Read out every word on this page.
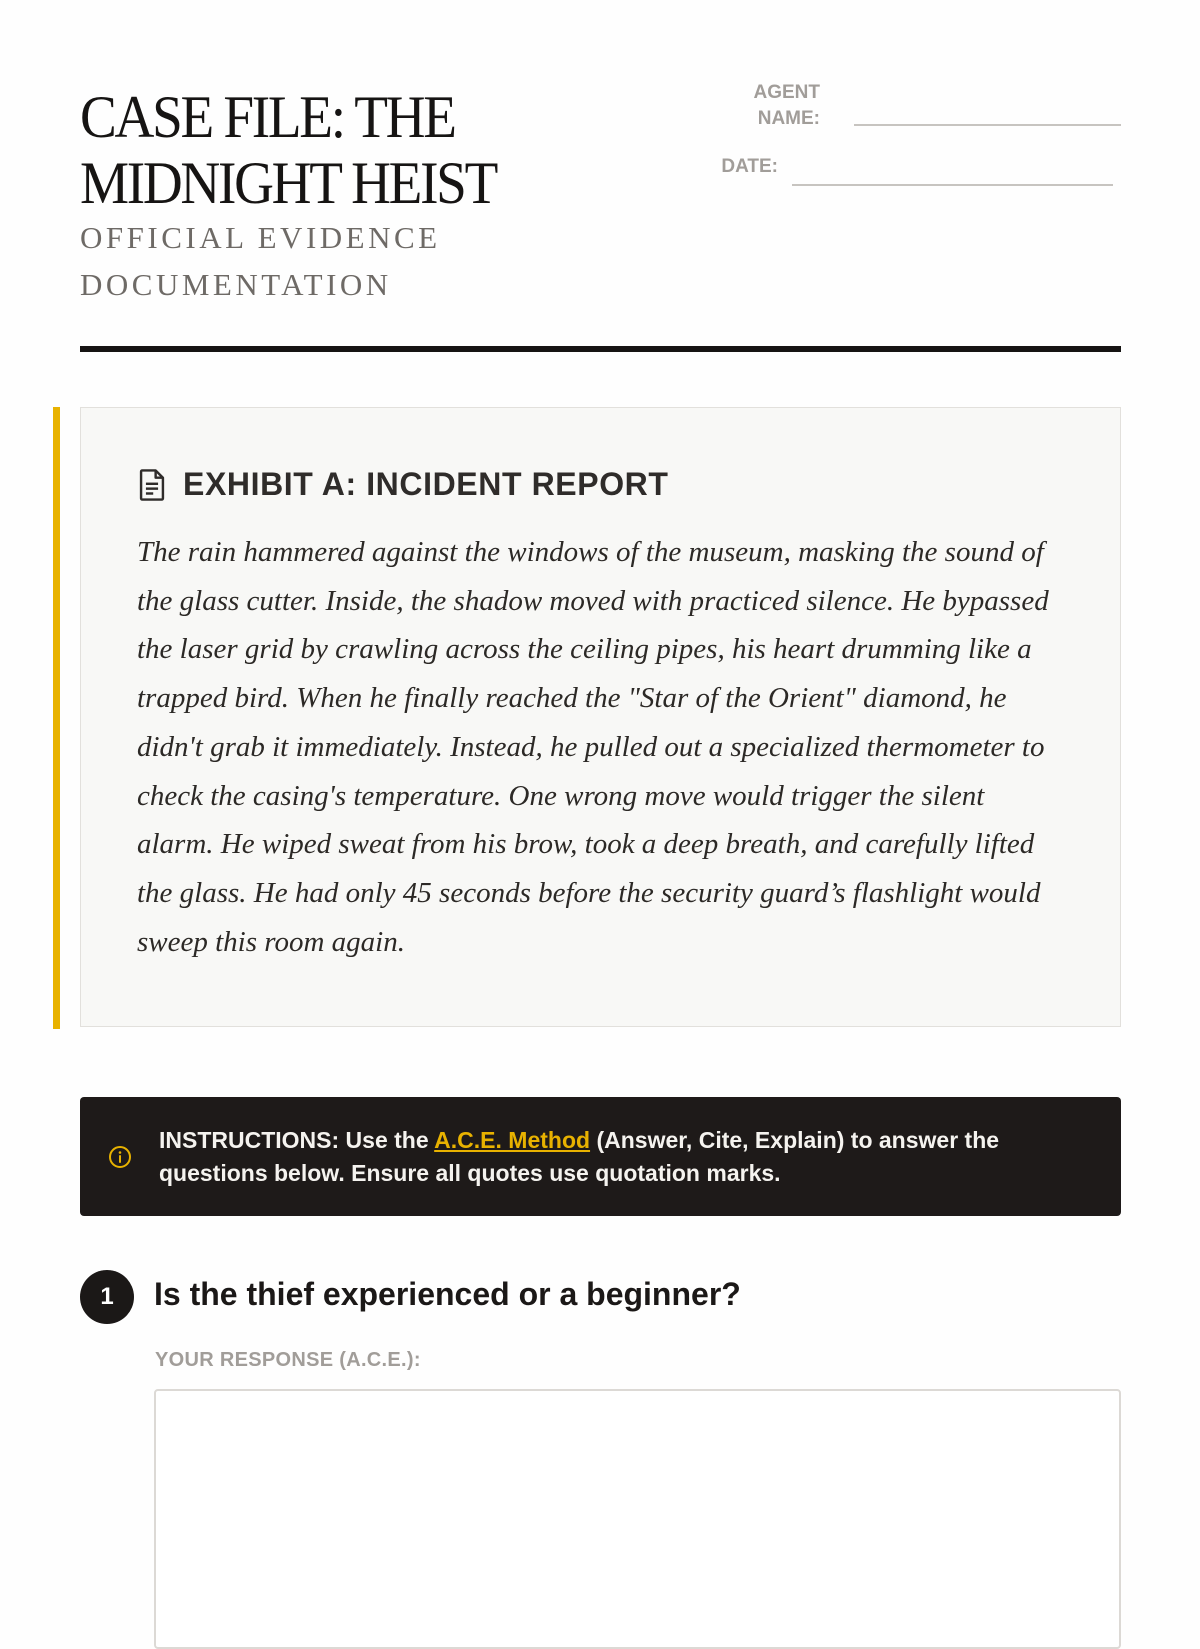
CASE FILE: THE
MIDNIGHT HEIST
OFFICIAL EVIDENCE
DOCUMENTATION
AGENT
NAME:
DATE:
EXHIBIT A: INCIDENT REPORT

The rain hammered against the windows of the museum, masking the sound of the glass cutter. Inside, the shadow moved with practiced silence. He bypassed the laser grid by crawling across the ceiling pipes, his heart drumming like a trapped bird. When he finally reached the "Star of the Orient" diamond, he didn't grab it immediately. Instead, he pulled out a specialized thermometer to check the casing's temperature. One wrong move would trigger the silent alarm. He wiped sweat from his brow, took a deep breath, and carefully lifted the glass. He had only 45 seconds before the security guard’s flashlight would sweep this room again.

INSTRUCTIONS: Use the A.C.E. Method (Answer, Cite, Explain) to answer the questions below. Ensure all quotes use quotation marks.
1	Is the thief experienced or a beginner?
YOUR RESPONSE (A.C.E.):
